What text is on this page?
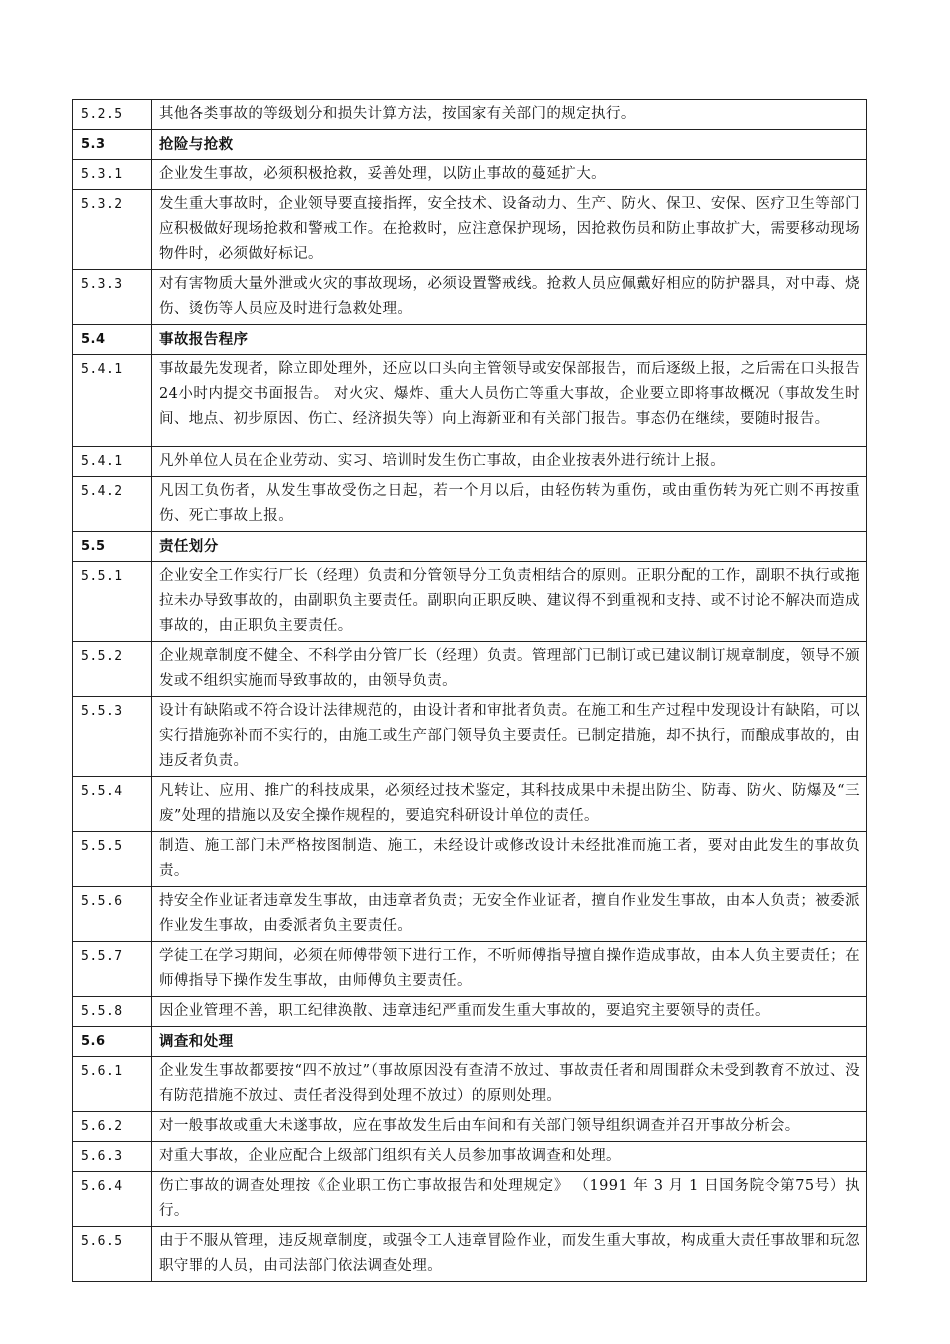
5.2.5	其他各类事故的等级划分和损失计算方法，按国家有关部门的规定执行。
5.3	抢险与抢救
5.3.1	企业发生事故，必须积极抢救，妥善处理，以防止事故的蔓延扩大。
5.3.2	发生重大事故时，企业领导要直接指挥，安全技术、设备动力、生产、防火、保卫、安保、医疗卫生等部门应积极做好现场抢救和警戒工作。在抢救时，应注意保护现场，因抢救伤员和防止事故扩大，需要移动现场物件时，必须做好标记。
5.3.3	对有害物质大量外泄或火灾的事故现场，必须设置警戒线。抢救人员应佩戴好相应的防护器具，对中毒、烧伤、烫伤等人员应及时进行急救处理。
5.4	事故报告程序
5.4.1	事故最先发现者，除立即处理外，还应以口头向主管领导或安保部报告，而后逐级上报，之后需在口头报告24小时内提交书面报告。 对火灾、爆炸、重大人员伤亡等重大事故，企业要立即将事故概况（事故发生时间、地点、初步原因、伤亡、经济损失等）向上海新亚和有关部门报告。事态仍在继续，要随时报告。
5.4.1	凡外单位人员在企业劳动、实习、培训时发生伤亡事故，由企业按表外进行统计上报。
5.4.2	凡因工负伤者，从发生事故受伤之日起，若一个月以后，由轻伤转为重伤，或由重伤转为死亡则不再按重伤、死亡事故上报。
5.5	责任划分
5.5.1	企业安全工作实行厂长（经理）负责和分管领导分工负责相结合的原则。正职分配的工作，副职不执行或拖拉未办导致事故的，由副职负主要责任。副职向正职反映、建议得不到重视和支持、或不讨论不解决而造成事故的，由正职负主要责任。
5.5.2	企业规章制度不健全、不科学由分管厂长（经理）负责。管理部门已制订或已建议制订规章制度，领导不颁发或不组织实施而导致事故的，由领导负责。
5.5.3	设计有缺陷或不符合设计法律规范的，由设计者和审批者负责。在施工和生产过程中发现设计有缺陷，可以实行措施弥补而不实行的，由施工或生产部门领导负主要责任。已制定措施，却不执行，而酿成事故的，由违反者负责。
5.5.4	凡转让、应用、推广的科技成果，必须经过技术鉴定，其科技成果中未提出防尘、防毒、防火、防爆及“三废”处理的措施以及安全操作规程的，要追究科研设计单位的责任。
5.5.5	制造、施工部门未严格按图制造、施工，未经设计或修改设计未经批准而施工者，要对由此发生的事故负责。
5.5.6	持安全作业证者违章发生事故，由违章者负责；无安全作业证者，擅自作业发生事故，由本人负责；被委派作业发生事故，由委派者负主要责任。
5.5.7	学徒工在学习期间，必须在师傅带领下进行工作，不听师傅指导擅自操作造成事故，由本人负主要责任；在师傅指导下操作发生事故，由师傅负主要责任。
5.5.8	因企业管理不善，职工纪律涣散、违章违纪严重而发生重大事故的，要追究主要领导的责任。
5.6	调查和处理
5.6.1	企业发生事故都要按“四不放过”（事故原因没有查清不放过、事故责任者和周围群众未受到教育不放过、没有防范措施不放过、责任者没得到处理不放过）的原则处理。
5.6.2	对一般事故或重大未遂事故，应在事故发生后由车间和有关部门领导组织调查并召开事故分析会。
5.6.3	对重大事故，企业应配合上级部门组织有关人员参加事故调查和处理。
5.6.4	伤亡事故的调查处理按《企业职工伤亡事故报告和处理规定》 （1991 年 3 月 1 日国务院令第75号）执行。
5.6.5	由于不服从管理，违反规章制度，或强令工人违章冒险作业，而发生重大事故，构成重大责任事故罪和玩忽职守罪的人员，由司法部门依法调查处理。
